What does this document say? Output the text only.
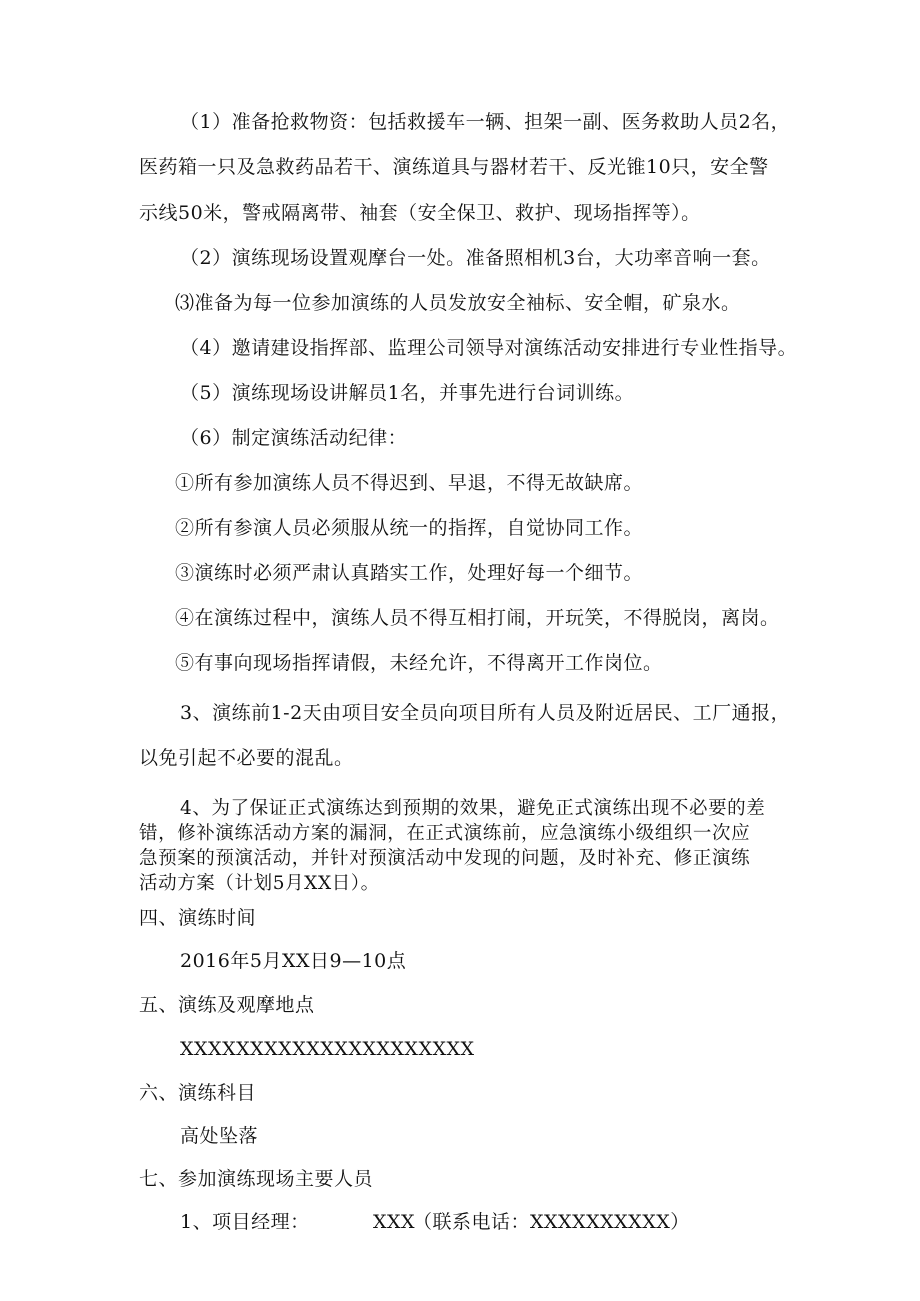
（1）准备抢救物资：包括救援车一辆、担架一副、医务救助人员2名，
医药箱一只及急救药品若干、演练道具与器材若干、反光锥10只，安全警
示线50米，警戒隔离带、袖套（安全保卫、救护、现场指挥等）。
（2）演练现场设置观摩台一处。准备照相机3台，大功率音响一套。
⑶准备为每一位参加演练的人员发放安全袖标、安全帽，矿泉水。
（4）邀请建设指挥部、监理公司领导对演练活动安排进行专业性指导。
（5）演练现场设讲解员1名，并事先进行台词训练。
（6）制定演练活动纪律：
①所有参加演练人员不得迟到、早退，不得无故缺席。
②所有参演人员必须服从统一的指挥，自觉协同工作。
③演练时必须严肃认真踏实工作，处理好每一个细节。
④在演练过程中，演练人员不得互相打闹，开玩笑，不得脱岗，离岗。
⑤有事向现场指挥请假，未经允许，不得离开工作岗位。
3、演练前1-2天由项目安全员向项目所有人员及附近居民、工厂通报，
以免引起不必要的混乱。
4、为了保证正式演练达到预期的效果，避免正式演练出现不必要的差
错，修补演练活动方案的漏洞，在正式演练前，应急演练小级组织一次应
急预案的预演活动，并针对预演活动中发现的问题，及时补充、修正演练
活动方案（计划5月XX日）。
四、演练时间
2016年5月XX日9—10点
五、演练及观摩地点
XXXXXXXXXXXXXXXXXXXXX
六、演练科目
高处坠落
七、参加演练现场主要人员
1、项目经理：	XXX
（联系电话：XXXXXXXXXX）
